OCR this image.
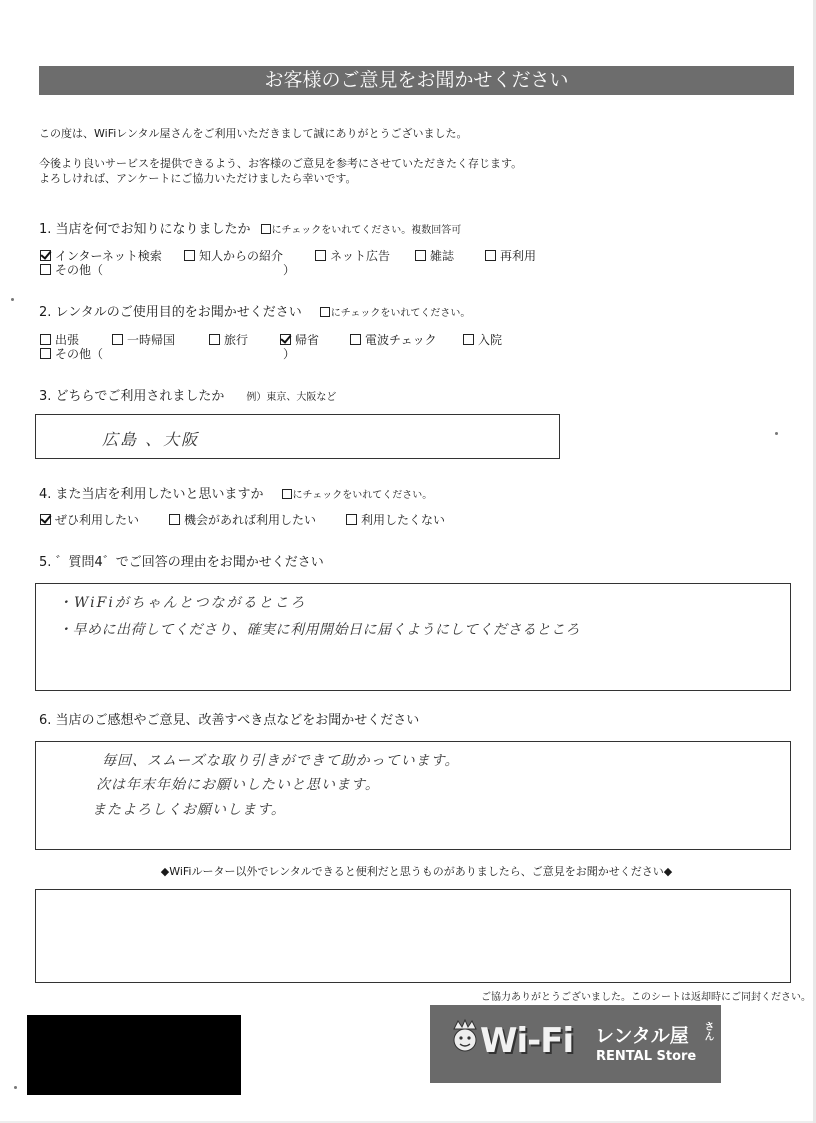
お客様のご意見をお聞かせください
この度は、WiFiレンタル屋さんをご利用いただきまして誠にありがとうございました。
今後より良いサービスを提供できるよう、お客様のご意見を参考にさせていただきたく存じます。
よろしければ、アンケートにご協力いただけましたら幸いです。
1. 当店を何でお知りになりましたか にチェックをいれてください。複数回答可
インターネット検索	知人からの紹介	ネット広告	雑誌	再利用
その他（	）
2. レンタルのご使用目的をお聞かせください	にチェックをいれてください。
出張	一時帰国	旅行	帰省	電波チェック	入院
その他（	）
3. どちらでご利用されましたか 例）東京、大阪など
広島 、大阪
4. また当店を利用したいと思いますか	にチェックをいれてください。
ぜひ利用したい	機会があれば利用したい	利用したくない
5. ゛質問4゛でご回答の理由をお聞かせください
・WiFiがちゃんとつながるところ
・早めに出荷してくださり、確実に利用開始日に届くようにしてくださるところ
6. 当店のご感想やご意見、改善すべき点などをお聞かせください
毎回、スムーズな取り引きができて助かっています。
次は年末年始にお願いしたいと思います。
またよろしくお願いします。
◆WiFiルーター以外でレンタルできると便利だと思うものがありましたら、ご意見をお聞かせください◆
ご協力ありがとうございました。このシートは返却時にご同封ください。
Wi-Fi レンタル屋 さん
RENTAL Store
